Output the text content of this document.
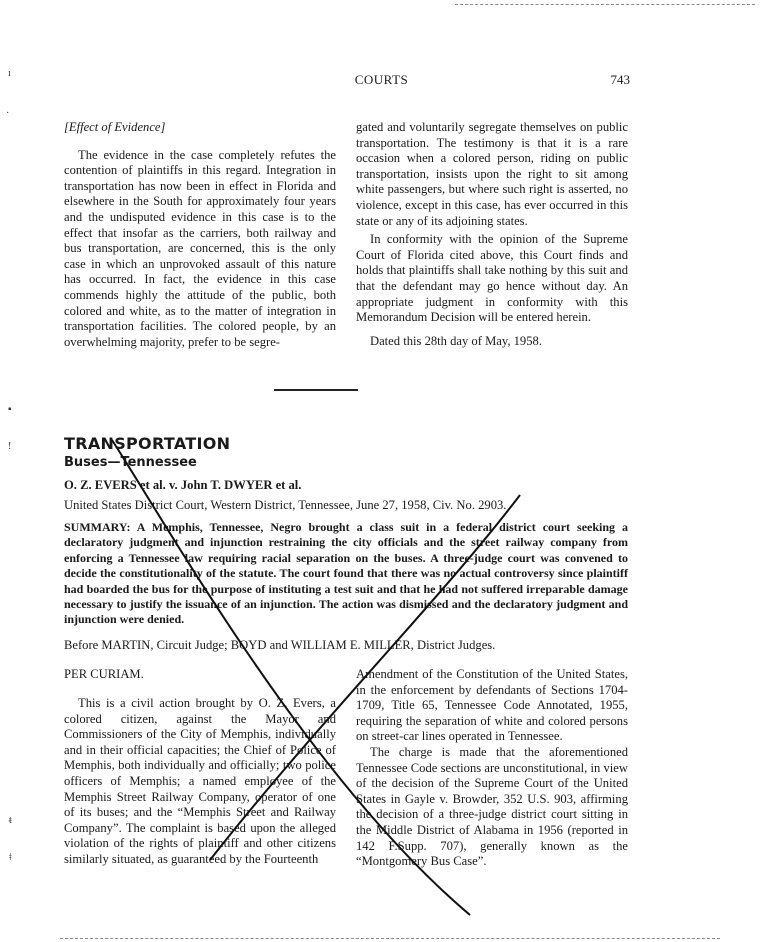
COURTS	743
ı
·
▪
!
ᵵ
ǂ

[Effect of Evidence]

The evidence in the case completely refutes the contention of plaintiffs in this regard. Integration in transportation has now been in effect in Florida and elsewhere in the South for approximately four years and the undisputed evidence in this case is to the effect that insofar as the carriers, both railway and bus transportation, are concerned, this is the only case in which an unprovoked assault of this nature has occurred. In fact, the evidence in this case commends highly the attitude of the public, both colored and white, as to the matter of integration in transportation facilities. The colored people, by an overwhelming majority, prefer to be segre-

gated and voluntarily segregate themselves on public transportation. The testimony is that it is a rare occasion when a colored person, riding on public transportation, insists upon the right to sit among white passengers, but where such right is asserted, no violence, except in this case, has ever occurred in this state or any of its adjoining states.

In conformity with the opinion of the Supreme Court of Florida cited above, this Court finds and holds that plaintiffs shall take nothing by this suit and that the defendant may go hence without day. An appropriate judgment in conformity with this Memorandum Decision will be entered herein.

Dated this 28th day of May, 1958.

TRANSPORTATION
Buses—Tennessee
O. Z. EVERS et al. v. John T. DWYER et al.
United States District Court, Western District, Tennessee, June 27, 1958, Civ. No. 2903.
SUMMARY: A Memphis, Tennessee, Negro brought a class suit in a federal district court seeking a declaratory judgment and injunction restraining the city officials and the street railway company from enforcing a Tennessee law requiring racial separation on the buses. A three-judge court was convened to decide the constitutionality of the statute. The court found that there was no actual controversy since plaintiff had boarded the bus for the purpose of instituting a test suit and that he had not suffered irreparable damage necessary to justify the issuance of an injunction. The action was dismissed and the declaratory judgment and injunction were denied.
Before MARTIN, Circuit Judge; BOYD and WILLIAM E. MILLER, District Judges.
PER CURIAM.

This is a civil action brought by O. Z. Evers, a colored citizen, against the Mayor and Commissioners of the City of Memphis, individually and in their official capacities; the Chief of Police of Memphis, both individually and officially; two police officers of Memphis; a named employee of the Memphis Street Railway Company, operator of one of its buses; and the “Memphis Street and Railway Company”. The complaint is based upon the alleged violation of the rights of plaintiff and other citizens similarly situated, as guaranteed by the Fourteenth

Amendment of the Constitution of the United States, in the enforcement by defendants of Sections 1704-1709, Title 65, Tennessee Code Annotated, 1955, requiring the separation of white and colored persons on street-car lines operated in Tennessee.

The charge is made that the aforementioned Tennessee Code sections are unconstitutional, in view of the decision of the Supreme Court of the United States in Gayle v. Browder, 352 U.S. 903, affirming the decision of a three-judge district court sitting in the Middle District of Alabama in 1956 (reported in 142 F.Supp. 707), generally known as the “Montgomery Bus Case”.
